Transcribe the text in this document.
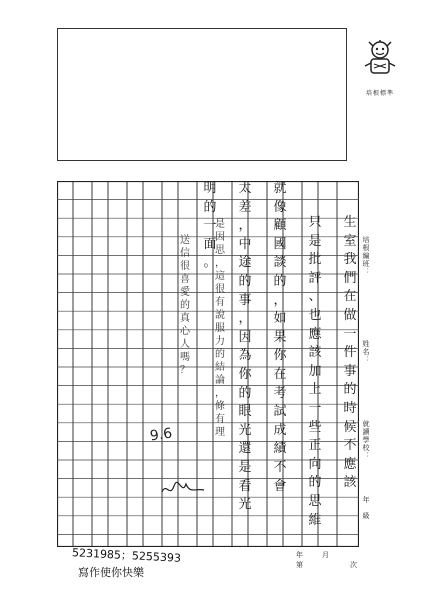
培根標準
生
室
我
們
在
做
一
件
事
的
時
候
不
應
該
只
是
批
評
、
也
應
該
加
上
一
些
正
向
的
思
維
就
像
顧
國
談
的
，
如
果
你
在
考
試
成
績
不
會
太
差
，
中
途
的
事
，
因
為
你
的
眼
光
還
是
看
光
明
的
一
面
。
是
因
思
，
這
很
有
說
服
力
的
結
論
，
條
有
理
送
信
很
喜
愛
的
真
心
人
嗎
？
9.6
培根編班：
姓名：
就讀學校：
年　級
年	月
第	次
5231985；5255393
寫作使你快樂
